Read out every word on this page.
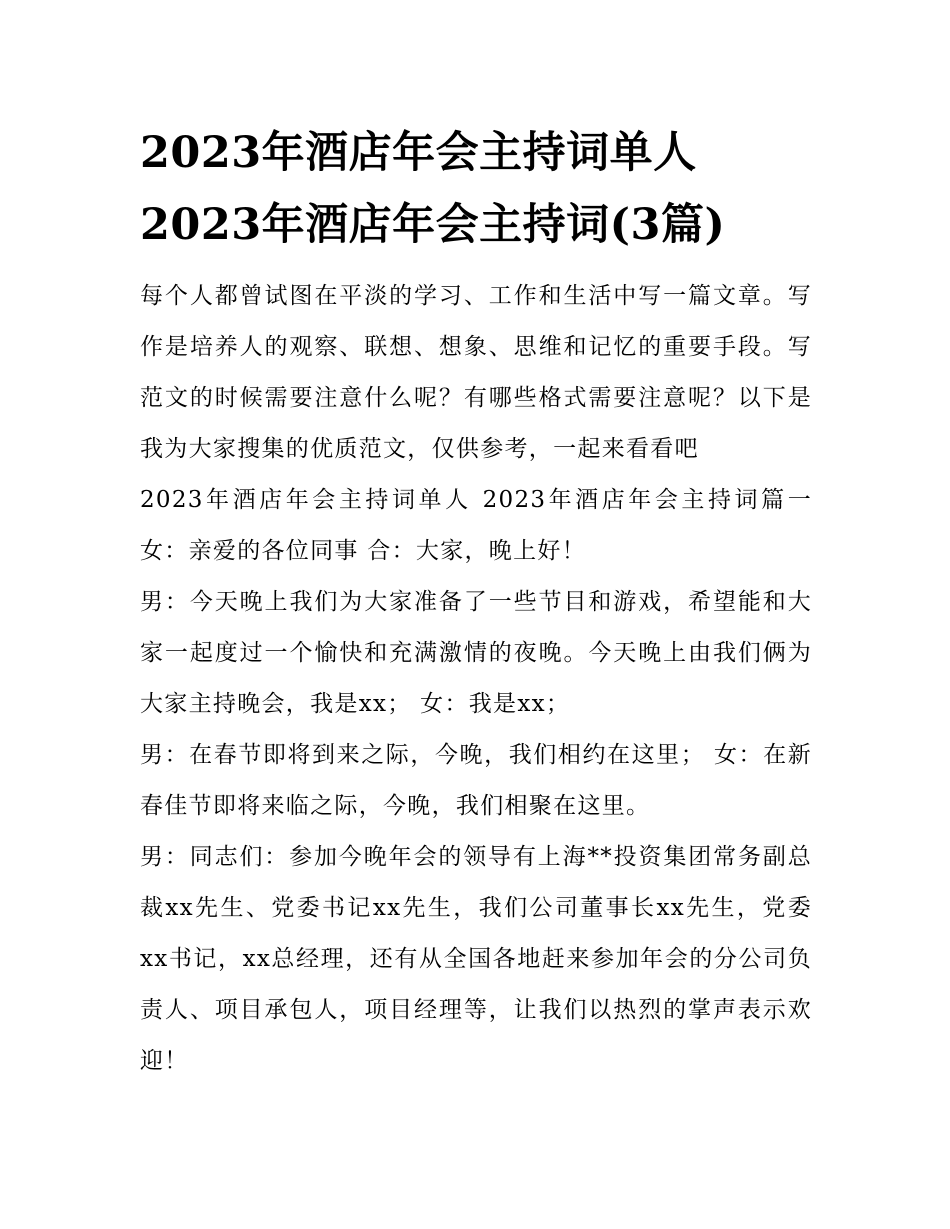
2023年酒店年会主持词单人
2023年酒店年会主持词(3篇)

每个人都曾试图在平淡的学习、工作和生活中写一篇文章。写作是培养人的观察、联想、想象、思维和记忆的重要手段。写范文的时候需要注意什么呢？有哪些格式需要注意呢？以下是我为大家搜集的优质范文，仅供参考，一起来看看吧

2023年酒店年会主持词单人 2023年酒店年会主持词篇一 女：亲爱的各位同事 合：大家，晚上好！

男：今天晚上我们为大家准备了一些节目和游戏，希望能和大家一起度过一个愉快和充满激情的夜晚。今天晚上由我们俩为大家主持晚会，我是xx； 女：我是xx；

男：在春节即将到来之际，今晚，我们相约在这里； 女：在新春佳节即将来临之际，今晚，我们相聚在这里。

男：同志们：参加今晚年会的领导有上海**投资集团常务副总裁xx先生、党委书记xx先生，我们公司董事长xx先生，党委xx书记，xx总经理，还有从全国各地赶来参加年会的分公司负责人、项目承包人，项目经理等，让我们以热烈的掌声表示欢迎！
